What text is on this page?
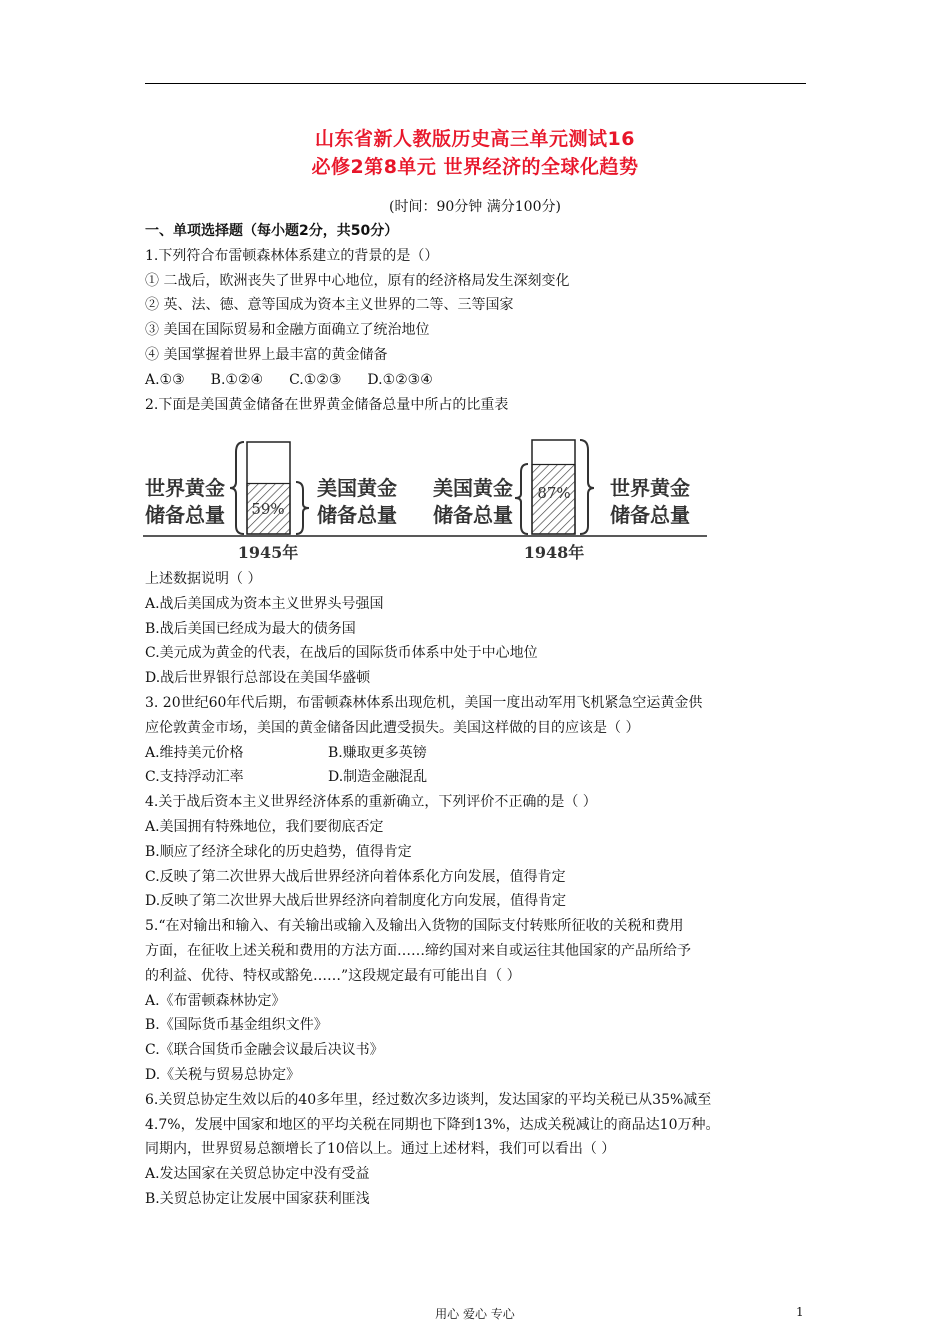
山东省新人教版历史高三单元测试16
必修2第8单元 世界经济的全球化趋势
(时间：90分钟 满分100分)

一、单项选择题（每小题2分，共50分）

1.下列符合布雷顿森林体系建立的背景的是（）

① 二战后，欧洲丧失了世界中心地位，原有的经济格局发生深刻变化

② 英、法、德、意等国成为资本主义世界的二等、三等国家

③ 美国在国际贸易和金融方面确立了统治地位

④ 美国掌握着世界上最丰富的黄金储备

A.①③ B.①②④ C.①②③ D.①②③④

2.下面是美国黄金储备在世界黄金储备总量中所占的比重表

世界黄金
储备总量 59%
美国黄金
储备总量
1945年
美国黄金
储备总量
87% 世界黄金
储备总量
1948年

上述数据说明（ ）

A.战后美国成为资本主义世界头号强国

B.战后美国已经成为最大的债务国

C.美元成为黄金的代表，在战后的国际货币体系中处于中心地位

D.战后世界银行总部设在美国华盛顿

3. 20世纪60年代后期，布雷顿森林体系出现危机，美国一度出动军用飞机紧急空运黄金供

应伦敦黄金市场，美国的黄金储备因此遭受损失。美国这样做的目的应该是（ ）

A.维持美元价格	B.赚取更多英镑

C.支持浮动汇率	D.制造金融混乱

4.关于战后资本主义世界经济体系的重新确立，下列评价不正确的是（ ）

A.美国拥有特殊地位，我们要彻底否定

B.顺应了经济全球化的历史趋势，值得肯定

C.反映了第二次世界大战后世界经济向着体系化方向发展，值得肯定

D.反映了第二次世界大战后世界经济向着制度化方向发展，值得肯定

5.“在对输出和输入、有关输出或输入及输出入货物的国际支付转账所征收的关税和费用

方面，在征收上述关税和费用的方法方面……缔约国对来自或运往其他国家的产品所给予

的利益、优待、特权或豁免……”这段规定最有可能出自（ ）

A.《布雷顿森林协定》

B.《国际货币基金组织文件》

C.《联合国货币金融会议最后决议书》

D.《关税与贸易总协定》

6.关贸总协定生效以后的40多年里，经过数次多边谈判，发达国家的平均关税已从35%减至

4.7%，发展中国家和地区的平均关税在同期也下降到13%，达成关税减让的商品达10万种。

同期内，世界贸易总额增长了10倍以上。通过上述材料，我们可以看出（ ）

A.发达国家在关贸总协定中没有受益

B.关贸总协定让发展中国家获利匪浅

用心 爱心 专心	1
